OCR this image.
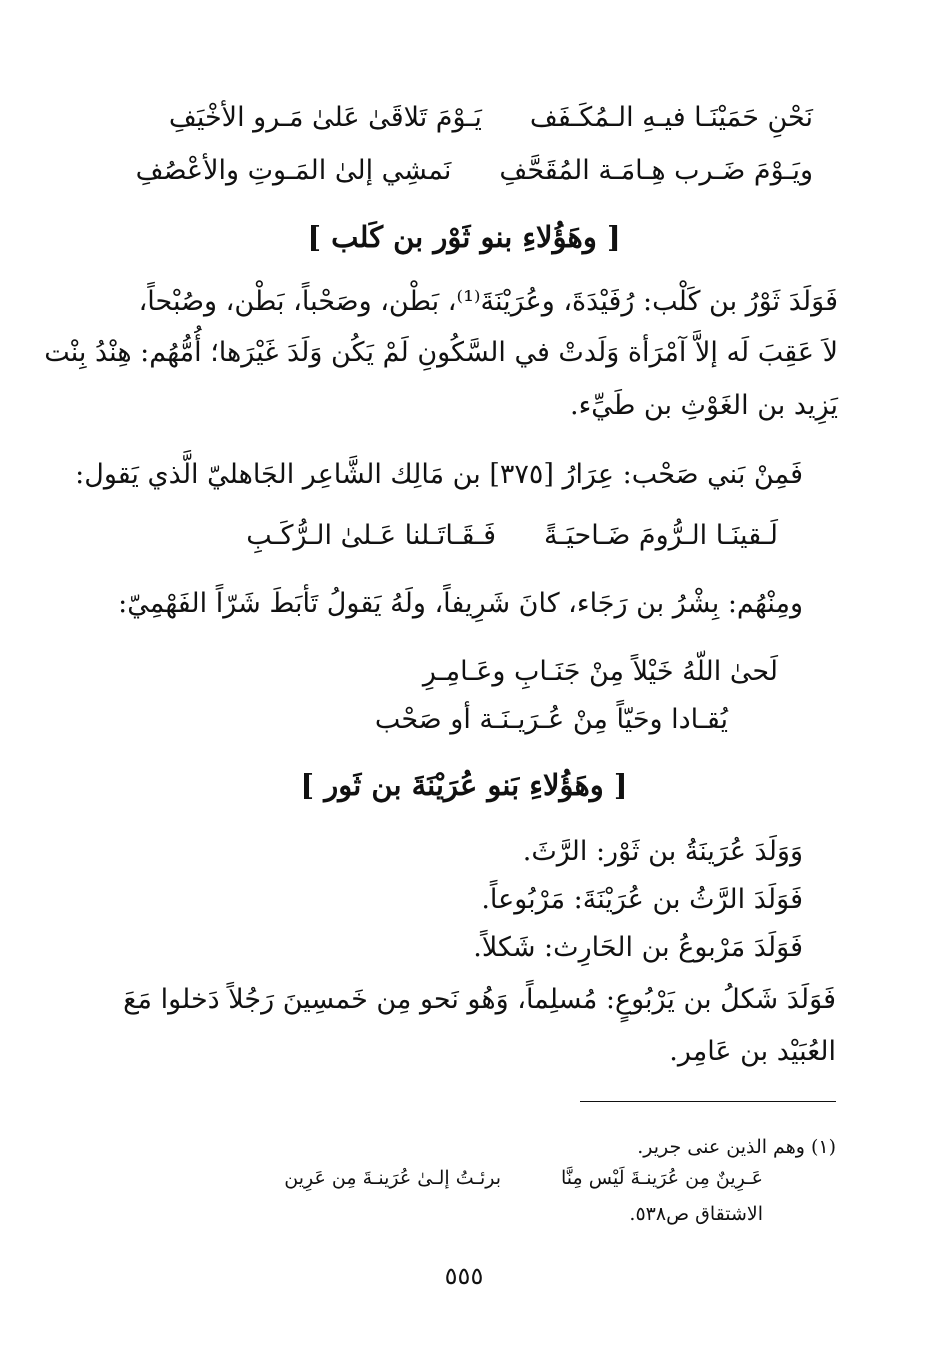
نَحْنِ حَمَيْنَـا فيـهِ الـمُكَـفَف
يَـوْمَ تَلاقَىٰ عَلىٰ مَـرو الأخْيَفِ
ويَـوْمَ ضَـرب هِـامَـة المُقَحَّفِ
نَمشِي إلىٰ المَـوتِ والأعْصُفِ
[ وهَؤُلاءِ بنو ثَوْر بن كَلب ]
فَوَلَدَ ثَوْرُ بن كَلْب: رُفَيْدَةَ، وعُرَيْنَةَ⁽¹⁾، بَطْن، وصَحْباً، بَطْن، وصُبْحاً،
لاَ عَقِبَ لَه إلاَّ آمْرَأة وَلَدتْ في السَّكُونِ لَمْ يَكُن وَلَدَ غَيْرَها؛ أُمُّهُم: هِنْدُ بِنْت
يَزِيد بن الغَوْثِ بن طَيِّء.
فَمِنْ بَني صَحْب: عِرَارُ [٣٧٥] بن مَالِك الشَّاعِر الجَاهليّ الَّذي يَقول:
لَـقينَـا الـرُّومَ ضَـاحيَـةً
فَـقَـاتَـلنا عَـلىٰ الـرُّكَـبِ
ومِنْهُم: بِشْرُ بن رَجَاء، كانَ شَرِيفاً، ولَهُ يَقولُ تَأبَطَ شَرّاً الفَهْمِيّ:
لَحىٰ اللّهُ خَيْلاً مِنْ جَنَـابِ وعَـامِـرِ
يُقـادا وحَيّاً مِنْ عُـرَيـنَـة أو صَحْب
[ وهَؤُلاءِ بَنو عُرَيْنَةَ بن ثَور ]
وَوَلَدَ عُرَينَةُ بن ثَوْر: الرَّثَ.
فَوَلَدَ الرَّثُ بن عُرَيْنَةَ: مَرْبُوعاً.
فَوَلَدَ مَرْبوعُ بن الحَارِث: شَكلاً.
فَوَلَدَ شَكلُ بن يَرْبُوعٍ: مُسلِماً، وَهُو نَحو مِن خَمسِينَ رَجُلاً دَخلوا مَعَ
العُبَيْد بن عَامِر.
(١) وهم الذين عنى جرير.
عَـرِينٌ مِن عُرَينـةَ لَيْس مِنَّا
برئـتُ إلـىٰ عُرَينـةَ مِن عَرِين
الاشتقاق ص٥٣٨.
٥٥٥
